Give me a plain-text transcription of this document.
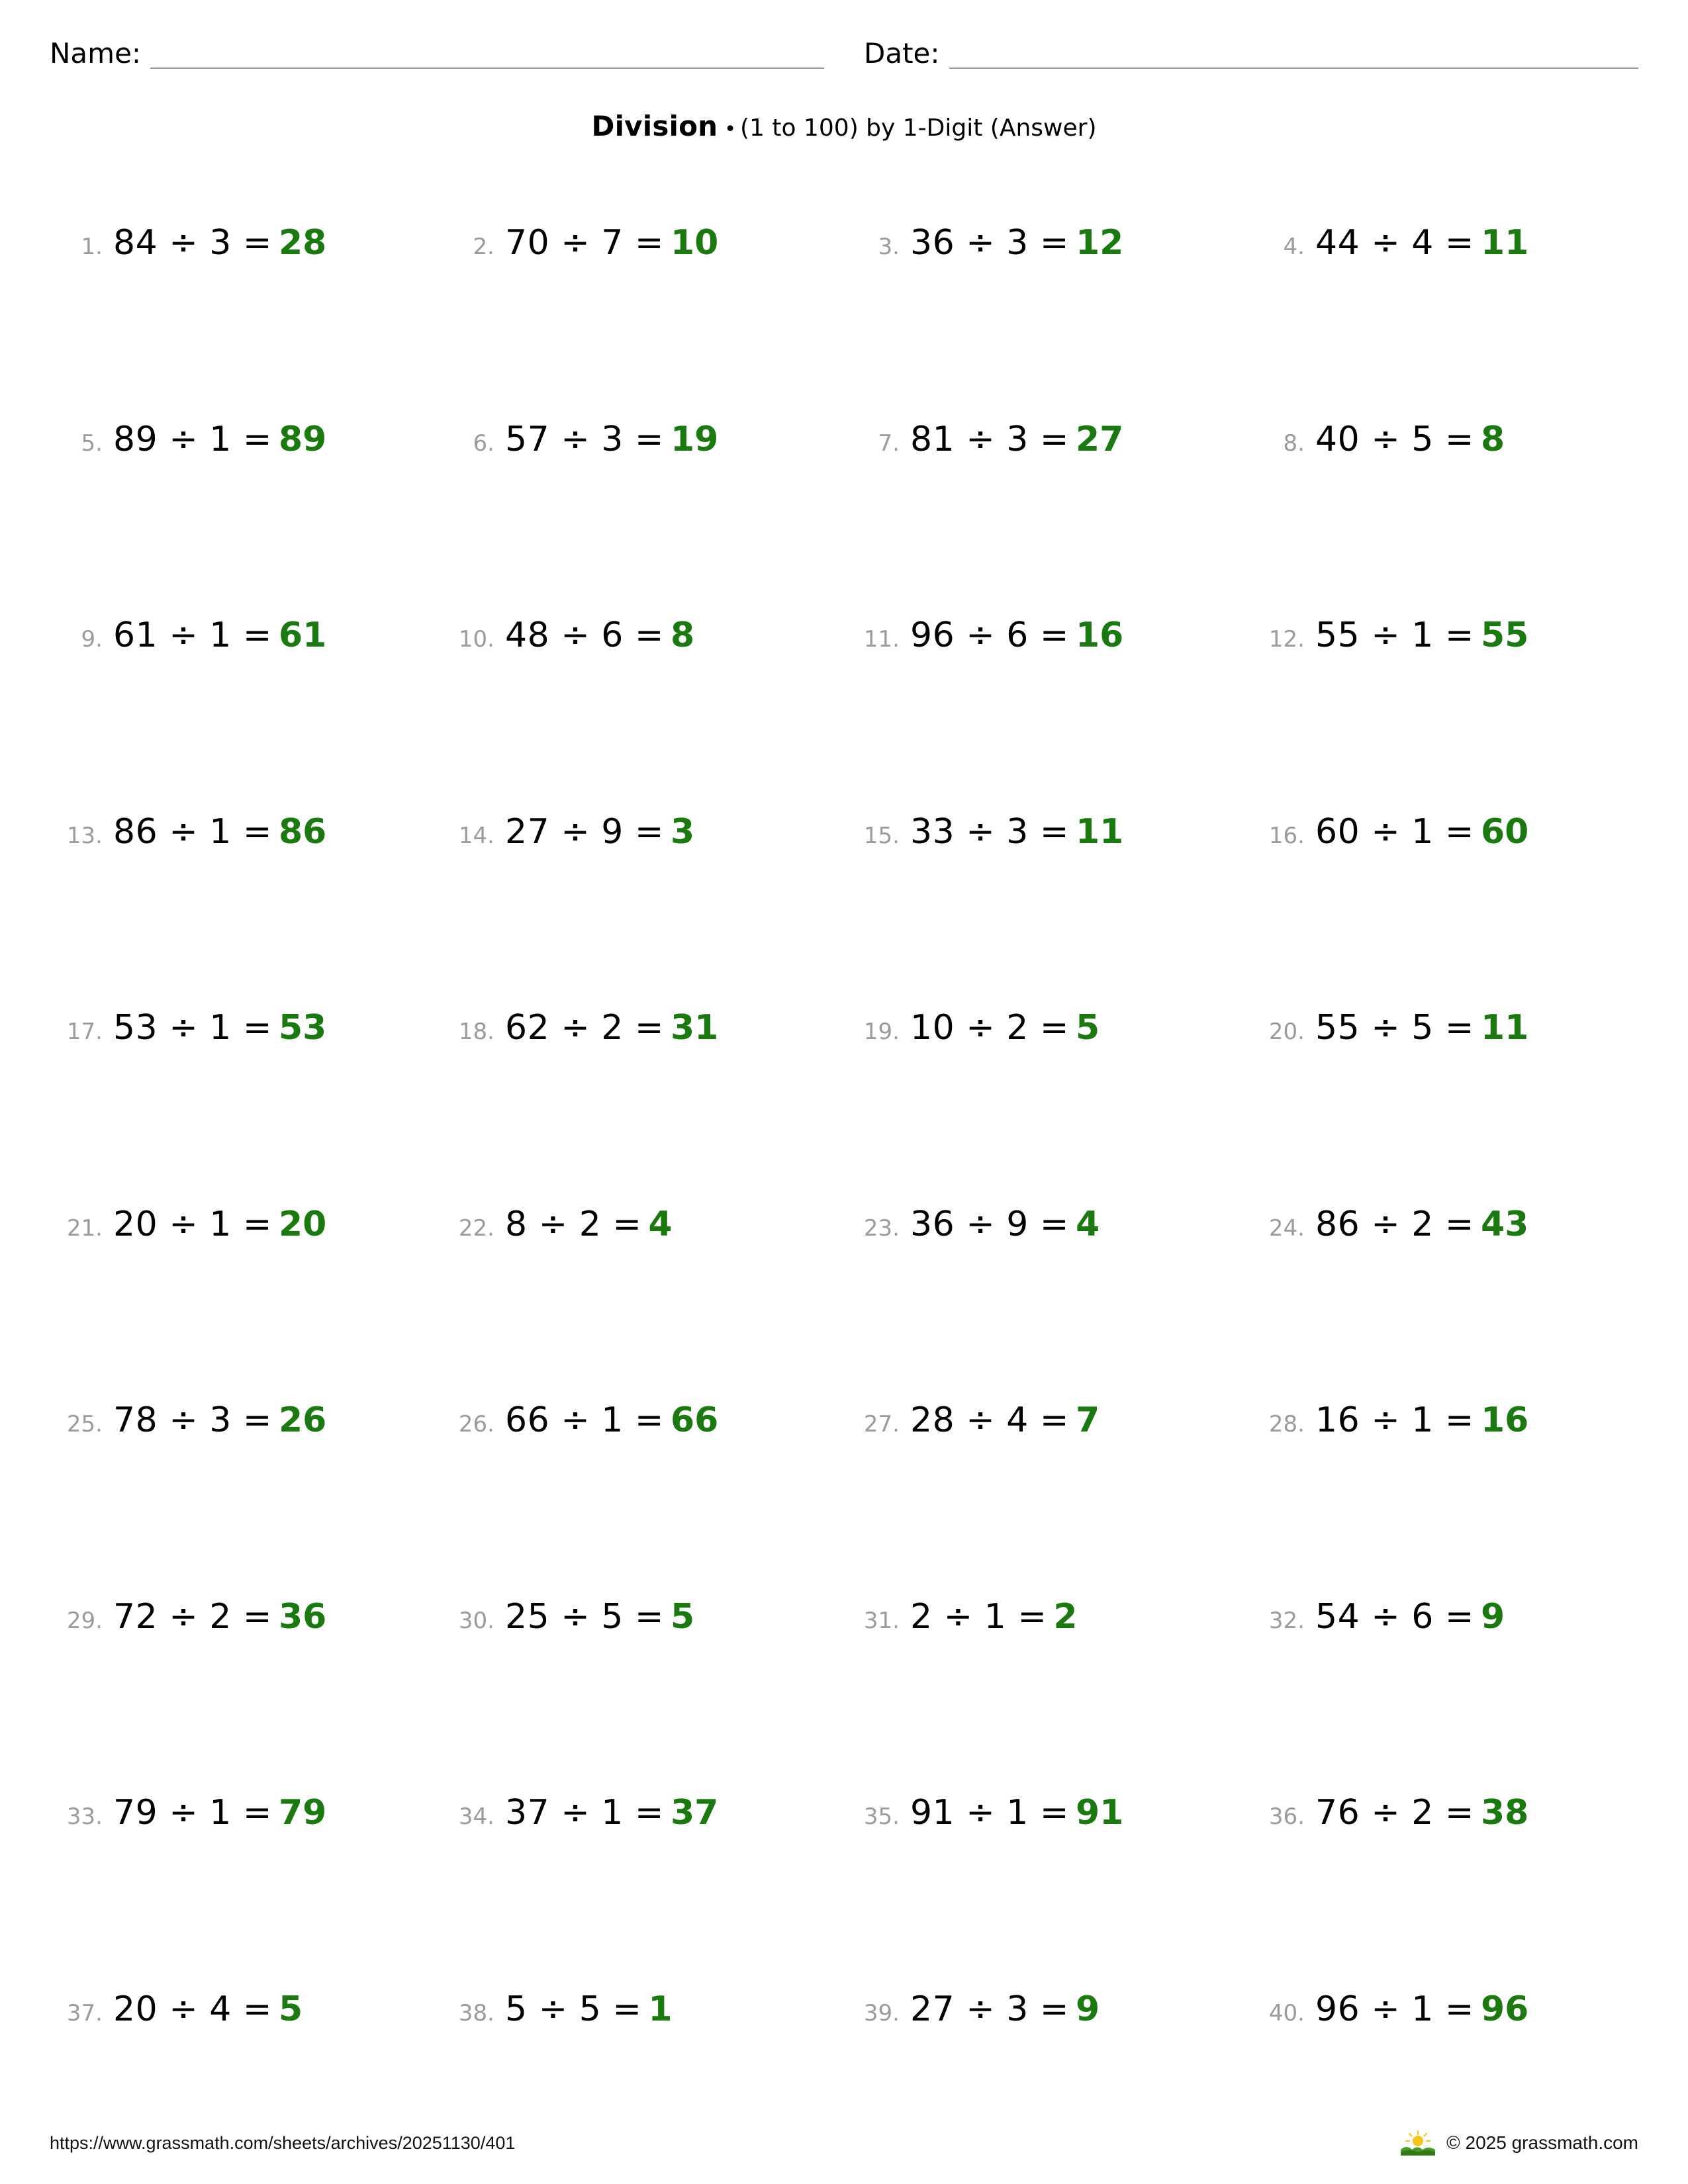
Name:	Date:
Division • (1 to 100) by 1-Digit (Answer)
1. 84 ÷ 3 = 28	2. 70 ÷ 7 = 10	3. 36 ÷ 3 = 12	4. 44 ÷ 4 = 11
5. 89 ÷ 1 = 89	6. 57 ÷ 3 = 19	7. 81 ÷ 3 = 27	8. 40 ÷ 5 = 8
9. 61 ÷ 1 = 61	10. 48 ÷ 6 = 8	11. 96 ÷ 6 = 16	12. 55 ÷ 1 = 55
13. 86 ÷ 1 = 86	14. 27 ÷ 9 = 3	15. 33 ÷ 3 = 11	16. 60 ÷ 1 = 60
17. 53 ÷ 1 = 53	18. 62 ÷ 2 = 31	19. 10 ÷ 2 = 5	20. 55 ÷ 5 = 11
21. 20 ÷ 1 = 20	22. 8 ÷ 2 = 4	23. 36 ÷ 9 = 4	24. 86 ÷ 2 = 43
25. 78 ÷ 3 = 26	26. 66 ÷ 1 = 66	27. 28 ÷ 4 = 7	28. 16 ÷ 1 = 16
29. 72 ÷ 2 = 36	30. 25 ÷ 5 = 5	31. 2 ÷ 1 = 2	32. 54 ÷ 6 = 9
33. 79 ÷ 1 = 79	34. 37 ÷ 1 = 37	35. 91 ÷ 1 = 91	36. 76 ÷ 2 = 38
37. 20 ÷ 4 = 5	38. 5 ÷ 5 = 1	39. 27 ÷ 3 = 9	40. 96 ÷ 1 = 96
https://www.grassmath.com/sheets/archives/20251130/401	© 2025 grassmath.com
